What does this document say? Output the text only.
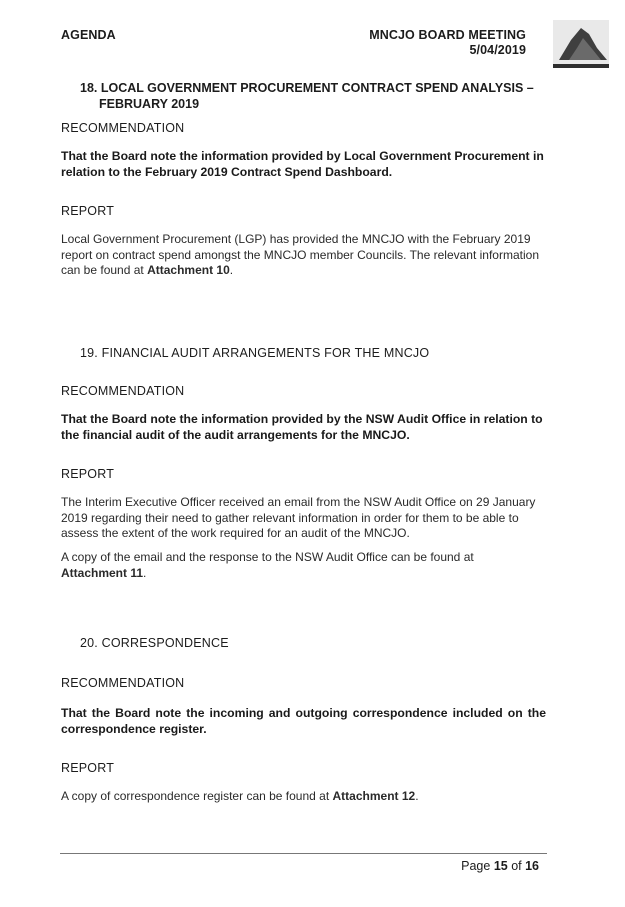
AGENDA	MNCJO BOARD MEETING
5/04/2019
18. LOCAL GOVERNMENT PROCUREMENT CONTRACT SPEND ANALYSIS –
FEBRUARY 2019
RECOMMENDATION

That the Board note the information provided by Local Government Procurement in relation to the February 2019 Contract Spend Dashboard.

REPORT

Local Government Procurement (LGP) has provided the MNCJO with the February 2019 report on contract spend amongst the MNCJO member Councils. The relevant information can be found at Attachment 10.

19. FINANCIAL AUDIT ARRANGEMENTS FOR THE MNCJO
RECOMMENDATION

That the Board note the information provided by the NSW Audit Office in relation to the financial audit of the audit arrangements for the MNCJO.

REPORT

The Interim Executive Officer received an email from the NSW Audit Office on 29 January 2019 regarding their need to gather relevant information in order for them to be able to assess the extent of the work required for an audit of the MNCJO.

A copy of the email and the response to the NSW Audit Office can be found at Attachment 11.

20. CORRESPONDENCE
RECOMMENDATION

That the Board note the incoming and outgoing correspondence included on the correspondence register.

REPORT

A copy of correspondence register can be found at Attachment 12.

Page 15 of 16
